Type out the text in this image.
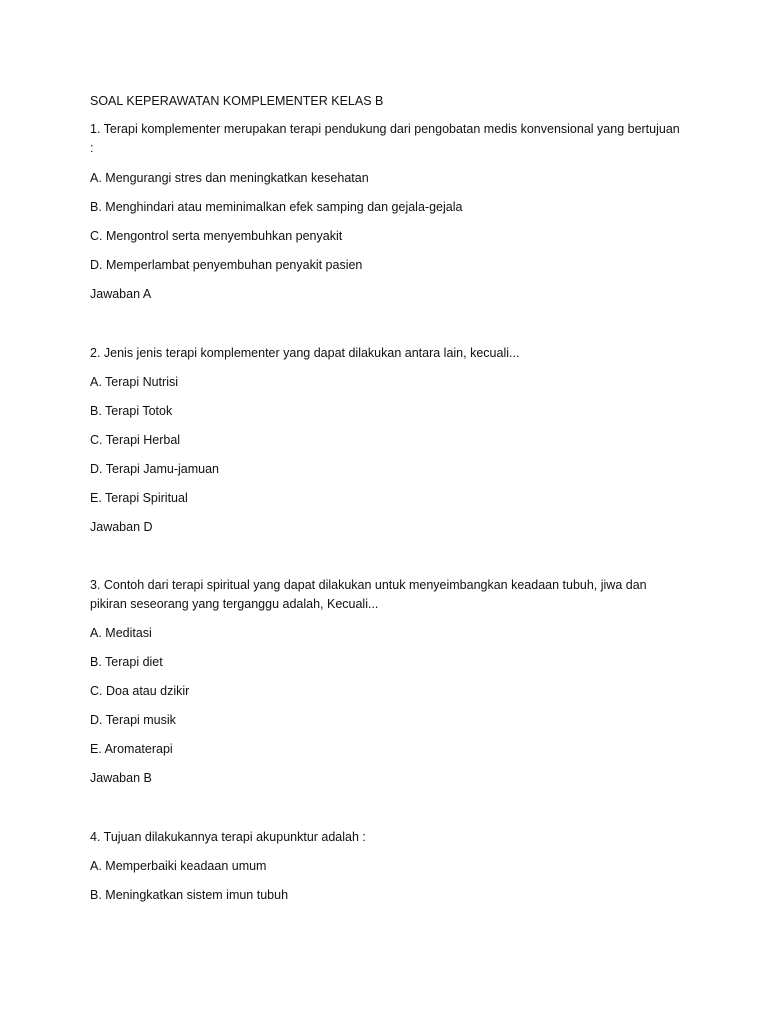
SOAL KEPERAWATAN KOMPLEMENTER KELAS B
1. Terapi komplementer merupakan terapi pendukung dari pengobatan medis konvensional yang bertujuan :
A. Mengurangi stres dan meningkatkan kesehatan
B. Menghindari atau meminimalkan efek samping dan gejala-gejala
C. Mengontrol serta menyembuhkan penyakit
D. Memperlambat penyembuhan penyakit pasien
Jawaban A
2. Jenis jenis terapi komplementer yang dapat dilakukan antara lain, kecuali...
A. Terapi Nutrisi
B. Terapi Totok
C. Terapi Herbal
D. Terapi Jamu-jamuan
E. Terapi Spiritual
Jawaban D
3. Contoh dari terapi spiritual yang dapat dilakukan untuk menyeimbangkan keadaan tubuh, jiwa dan pikiran seseorang yang terganggu adalah, Kecuali...
A. Meditasi
B. Terapi diet
C. Doa atau dzikir
D. Terapi musik
E. Aromaterapi
Jawaban B
4. Tujuan dilakukannya terapi akupunktur adalah :
A. Memperbaiki keadaan umum
B. Meningkatkan sistem imun tubuh
